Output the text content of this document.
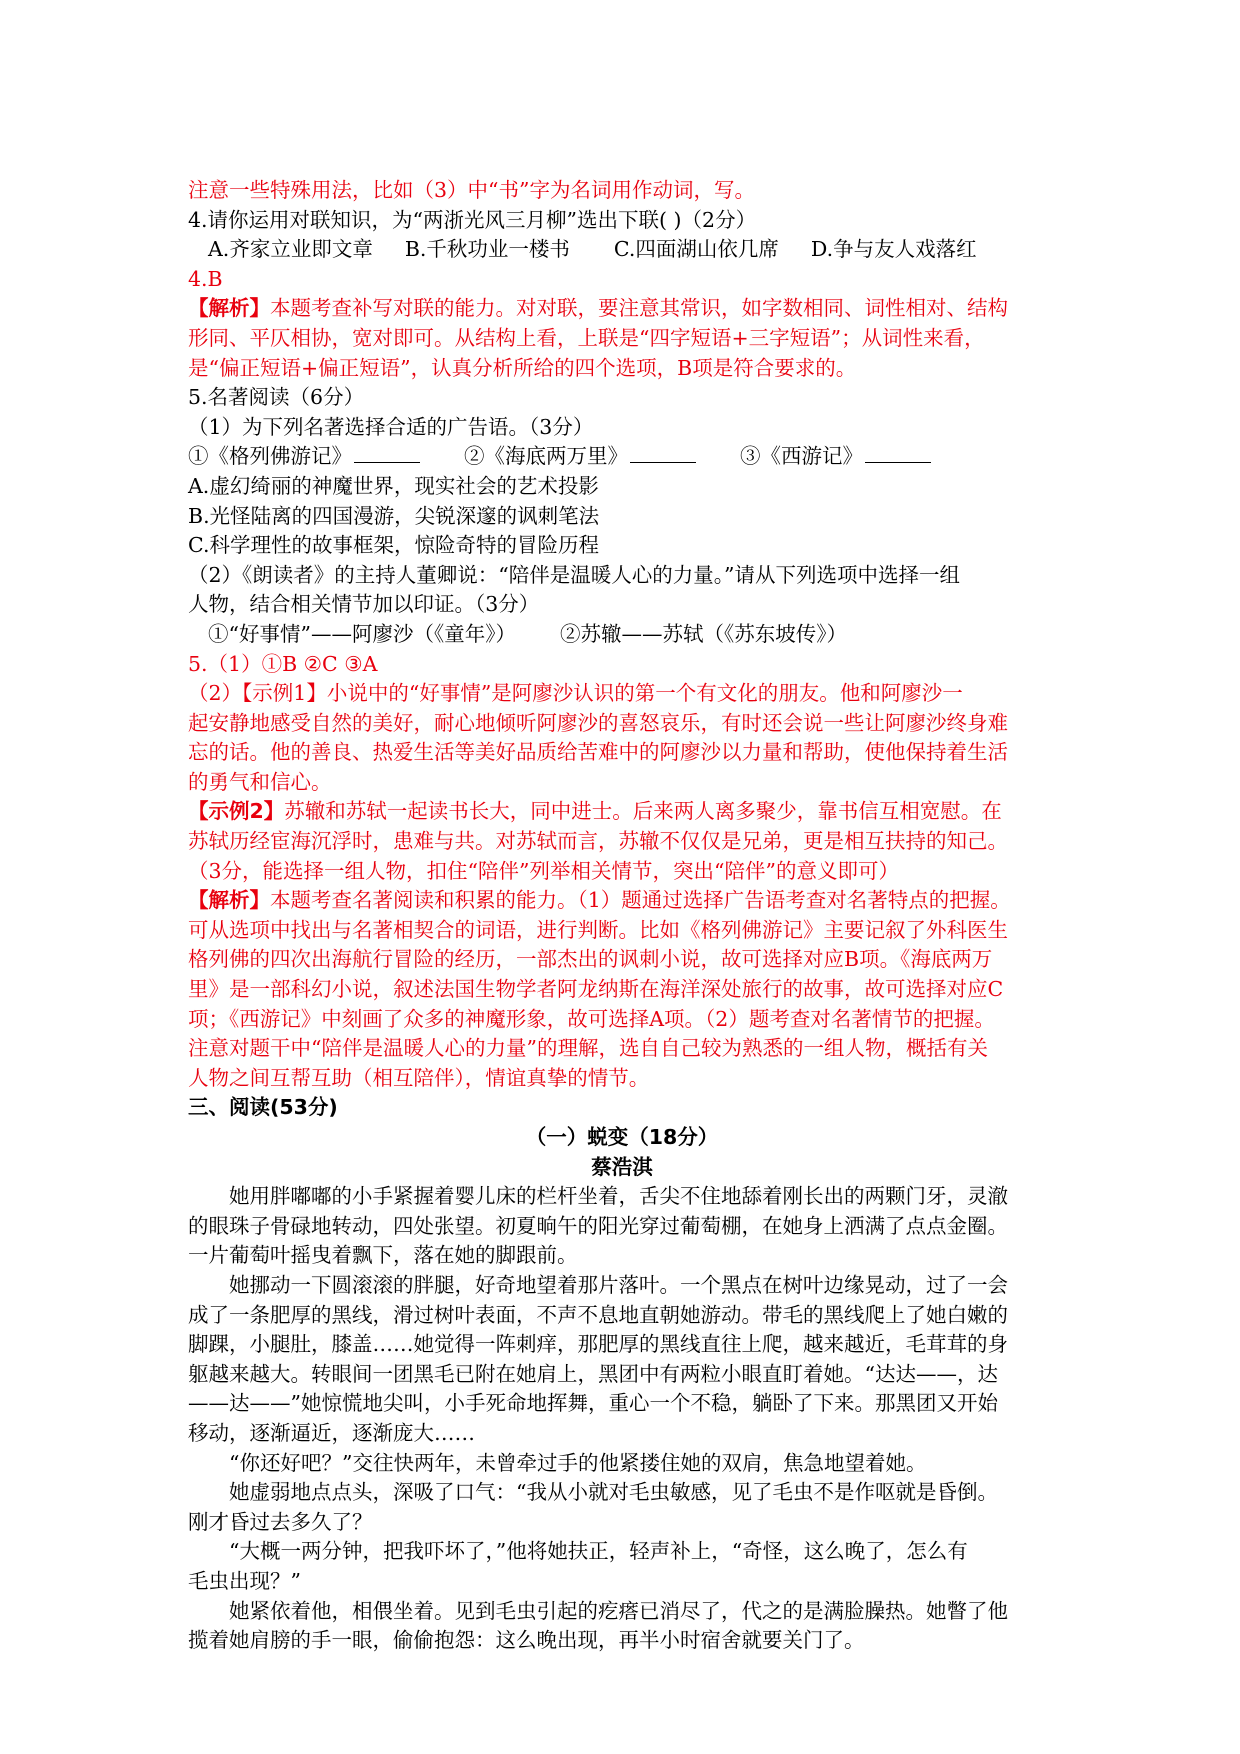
注意一些特殊用法，比如（3）中“书”字为名词用作动词，写。
4.请你运用对联知识，为“两浙光风三月柳”选出下联( )（2分）
A.齐家立业即文章 B.千秋功业一楼书 C.四面湖山依几席 D.争与友人戏落红
4.B
【解析】本题考查补写对联的能力。对对联，要注意其常识，如字数相同、词性相对、结构
形同、平仄相协，宽对即可。从结构上看，上联是“四字短语+三字短语”；从词性来看，
是“偏正短语+偏正短语”，认真分析所给的四个选项，B项是符合要求的。
5.名著阅读（6分）
（1）为下列名著选择合适的广告语。（3分）
①《格列佛游记》	②《海底两万里》	③《西游记》
A.虚幻绮丽的神魔世界，现实社会的艺术投影
B.光怪陆离的四国漫游，尖锐深邃的讽刺笔法
C.科学理性的故事框架，惊险奇特的冒险历程
（2）《朗读者》的主持人董卿说：“陪伴是温暖人心的力量。”请从下列选项中选择一组
人物，结合相关情节加以印证。（3分）
①“好事情”——阿廖沙（《童年》） ②苏辙——苏轼（《苏东坡传》）
5.（1）①B ②C ③A
（2）【示例1】小说中的“好事情”是阿廖沙认识的第一个有文化的朋友。他和阿廖沙一
起安静地感受自然的美好，耐心地倾听阿廖沙的喜怒哀乐，有时还会说一些让阿廖沙终身难
忘的话。他的善良、热爱生活等美好品质给苦难中的阿廖沙以力量和帮助，使他保持着生活
的勇气和信心。
【示例2】苏辙和苏轼一起读书长大，同中进士。后来两人离多聚少，靠书信互相宽慰。在
苏轼历经宦海沉浮时，患难与共。对苏轼而言，苏辙不仅仅是兄弟，更是相互扶持的知己。
（3分，能选择一组人物，扣住“陪伴”列举相关情节，突出“陪伴”的意义即可）
【解析】本题考查名著阅读和积累的能力。（1）题通过选择广告语考查对名著特点的把握。
可从选项中找出与名著相契合的词语，进行判断。比如《格列佛游记》主要记叙了外科医生
格列佛的四次出海航行冒险的经历，一部杰出的讽刺小说，故可选择对应B项。《海底两万
里》是一部科幻小说，叙述法国生物学者阿龙纳斯在海洋深处旅行的故事，故可选择对应C
项；《西游记》中刻画了众多的神魔形象，故可选择A项。（2）题考查对名著情节的把握。
注意对题干中“陪伴是温暖人心的力量”的理解，选自自己较为熟悉的一组人物，概括有关
人物之间互帮互助（相互陪伴），情谊真挚的情节。
三、阅读(53分)
（一）蜕变（18分）
蔡浩淇
她用胖嘟嘟的小手紧握着婴儿床的栏杆坐着，舌尖不住地舔着刚长出的两颗门牙，灵澈
的眼珠子骨碌地转动，四处张望。初夏晌午的阳光穿过葡萄棚，在她身上洒满了点点金圈。
一片葡萄叶摇曳着飘下，落在她的脚跟前。
她挪动一下圆滚滚的胖腿，好奇地望着那片落叶。一个黑点在树叶边缘晃动，过了一会
成了一条肥厚的黑线，滑过树叶表面，不声不息地直朝她游动。带毛的黑线爬上了她白嫩的
脚踝，小腿肚，膝盖……她觉得一阵刺痒，那肥厚的黑线直往上爬，越来越近，毛茸茸的身
躯越来越大。转眼间一团黑毛已附在她肩上，黑团中有两粒小眼直盯着她。“达达——，达
——达——”她惊慌地尖叫，小手死命地挥舞，重心一个不稳，躺卧了下来。那黑团又开始
移动，逐渐逼近，逐渐庞大……
“你还好吧？”交往快两年，未曾牵过手的他紧搂住她的双肩，焦急地望着她。
她虚弱地点点头，深吸了口气：“我从小就对毛虫敏感，见了毛虫不是作呕就是昏倒。
刚才昏过去多久了？
“大概一两分钟，把我吓坏了，”他将她扶正，轻声补上，“奇怪，这么晚了，怎么有
毛虫出现？”
她紧依着他，相偎坐着。见到毛虫引起的疙瘩已消尽了，代之的是满脸臊热。她瞥了他
揽着她肩膀的手一眼，偷偷抱怨：这么晚出现，再半小时宿舍就要关门了。
